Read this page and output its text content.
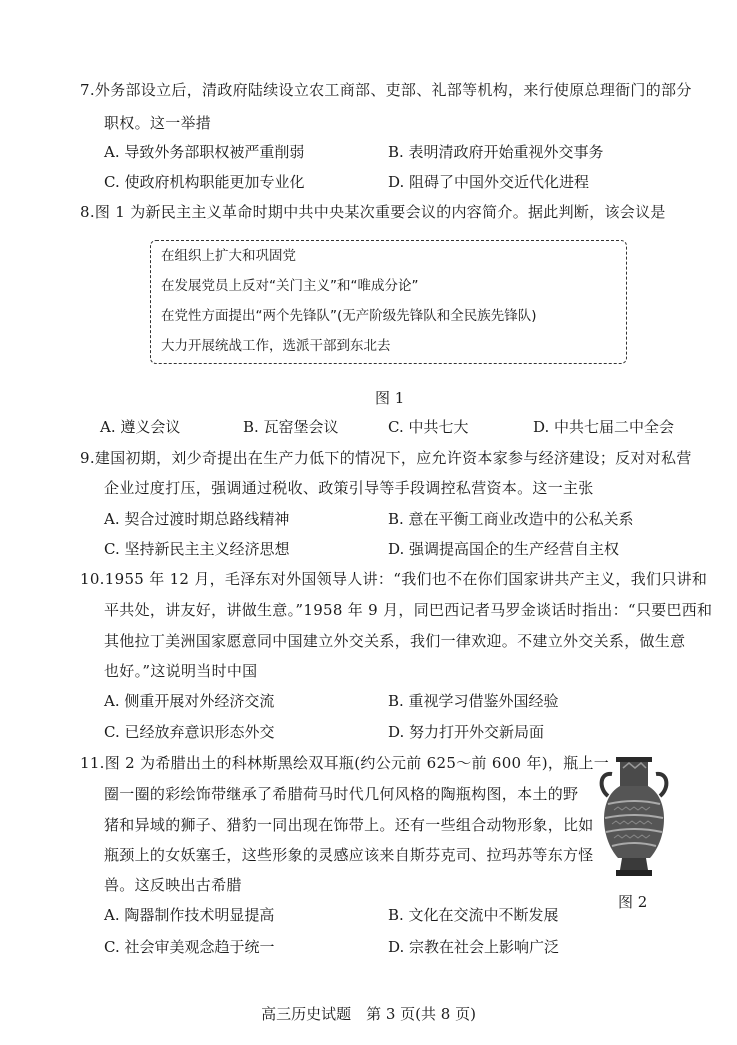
7.外务部设立后，清政府陆续设立农工商部、吏部、礼部等机构，来行使原总理衙门的部分
职权。这一举措
A. 导致外务部职权被严重削弱	B. 表明清政府开始重视外交事务
C. 使政府机构职能更加专业化	D. 阻碍了中国外交近代化进程
8.图 1 为新民主主义革命时期中共中央某次重要会议的内容简介。据此判断，该会议是
在组织上扩大和巩固党
在发展党员上反对“关门主义”和“唯成分论”
在党性方面提出“两个先锋队”(无产阶级先锋队和全民族先锋队)
大力开展统战工作，选派干部到东北去
图 1
A. 遵义会议	B. 瓦窑堡会议	C. 中共七大	D. 中共七届二中全会
9.建国初期，刘少奇提出在生产力低下的情况下，应允许资本家参与经济建设；反对对私营
企业过度打压，强调通过税收、政策引导等手段调控私营资本。这一主张
A. 契合过渡时期总路线精神	B. 意在平衡工商业改造中的公私关系
C. 坚持新民主主义经济思想	D. 强调提高国企的生产经营自主权
10.1955 年 12 月，毛泽东对外国领导人讲：“我们也不在你们国家讲共产主义，我们只讲和
平共处，讲友好，讲做生意。”1958 年 9 月，同巴西记者马罗金谈话时指出：“只要巴西和
其他拉丁美洲国家愿意同中国建立外交关系，我们一律欢迎。不建立外交关系，做生意
也好。”这说明当时中国
A. 侧重开展对外经济交流	B. 重视学习借鉴外国经验
C. 已经放弃意识形态外交	D. 努力打开外交新局面
11.图 2 为希腊出土的科林斯黑绘双耳瓶(约公元前 625～前 600 年)，瓶上一
圈一圈的彩绘饰带继承了希腊荷马时代几何风格的陶瓶构图，本土的野
猪和异域的狮子、猎豹一同出现在饰带上。还有一些组合动物形象，比如
瓶颈上的女妖塞壬，这些形象的灵感应该来自斯芬克司、拉玛苏等东方怪
兽。这反映出古希腊
图 2
A. 陶器制作技术明显提高	B. 文化在交流中不断发展
C. 社会审美观念趋于统一	D. 宗教在社会上影响广泛
高三历史试题　第 3 页(共 8 页)
